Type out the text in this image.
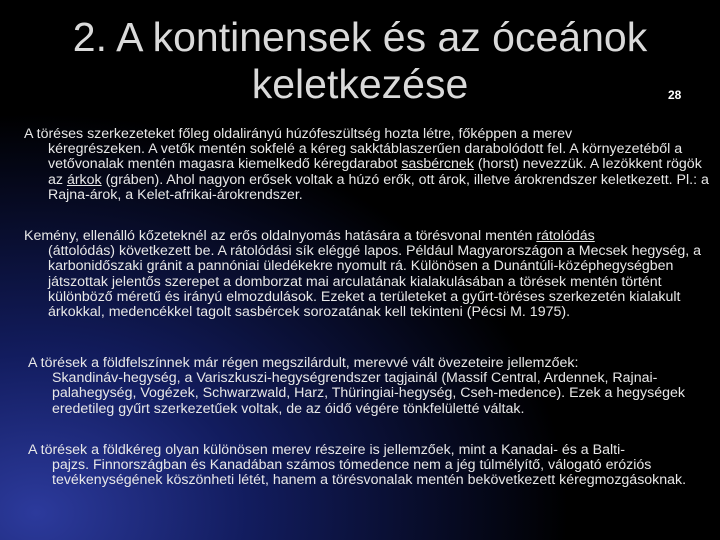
2. A kontinensek és az óceánok
keletkezése	28
A töréses szerkezeteket főleg oldalirányú húzófeszültség hozta létre, főképpen a merev
kéregrészeken. A vetők mentén sokfelé a kéreg sakktáblaszerűen darabolódott fel. A környezetéből a vetővonalak mentén magasra kiemelkedő kéregdarabot sasbércnek (horst) nevezzük. A lezökkent rögök az árkok (gráben). Ahol nagyon erősek voltak a húzó erők, ott árok, illetve árokrendszer keletkezett. Pl.: a Rajna-árok, a Kelet-afrikai-árokrendszer.
Kemény, ellenálló kőzeteknél az erős oldalnyomás hatására a törésvonal mentén rátolódás
(áttolódás) következett be. A rátolódási sík eléggé lapos. Például Magyarországon a Mecsek hegység, a karbonidőszaki gránit a pannóniai üledékekre nyomult rá. Különösen a Dunántúli-középhegységben játszottak jelentős szerepet a domborzat mai arculatának kialakulásában a törések mentén történt különböző méretű és irányú elmozdulások. Ezeket a területeket a gyűrt-töréses szerkezetén kialakult árkokkal, medencékkel tagolt sasbércek sorozatának kell tekinteni (Pécsi M. 1975).
A törések a földfelszínnek már régen megszilárdult, merevvé vált övezeteire jellemzőek:
Skandináv-hegység, a Variszkuszi-hegységrendszer tagjainál (Massif Central, Ardennek, Rajnai-palahegység, Vogézek, Schwarzwald, Harz, Thüringiai-hegység, Cseh-medence). Ezek a hegységek eredetileg gyűrt szerkezetűek voltak, de az óidő végére tönkfelületté váltak.
A törések a földkéreg olyan különösen merev részeire is jellemzőek, mint a Kanadai- és a Balti-
pajzs. Finnországban és Kanadában számos tómedence nem a jég túlmélyítő, válogató eróziós tevékenységének köszönheti létét, hanem a törésvonalak mentén bekövetkezett kéregmozgásoknak.
